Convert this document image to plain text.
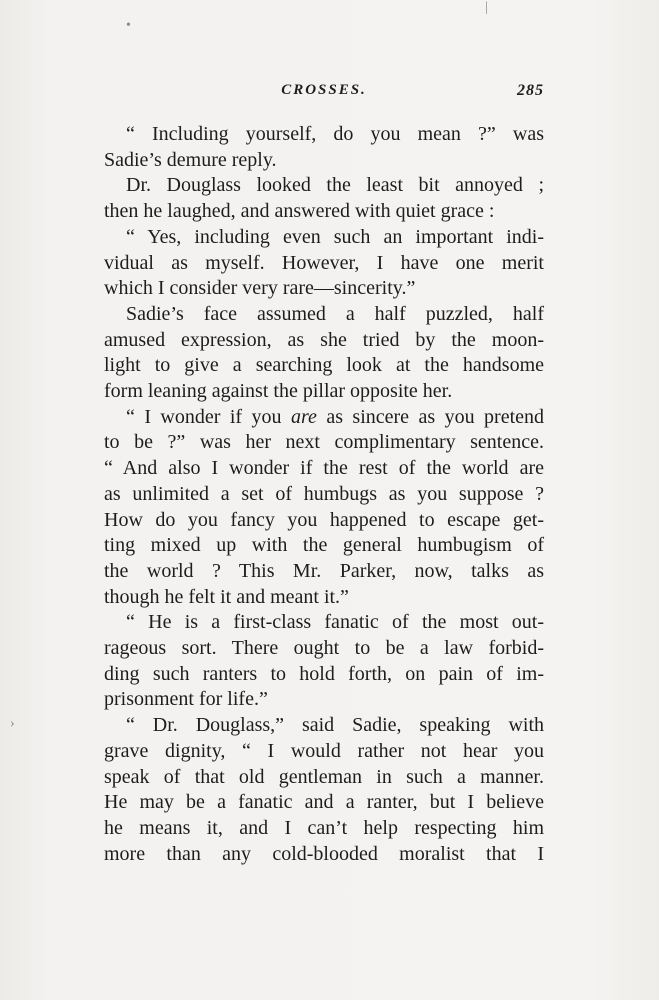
•
|
›
CROSSES.	285
“ Including yourself, do you mean ?” was
Sadie’s demure reply.
Dr. Douglass looked the least bit annoyed ;
then he laughed, and answered with quiet grace :
“ Yes, including even such an important indi-
vidual as myself. However, I have one merit
which I consider very rare—sincerity.”
Sadie’s face assumed a half puzzled, half
amused expression, as she tried by the moon-
light to give a searching look at the handsome
form leaning against the pillar opposite her.
“ I wonder if you are as sincere as you pretend
to be ?” was her next complimentary sentence.
“ And also I wonder if the rest of the world are
as unlimited a set of humbugs as you suppose ?
How do you fancy you happened to escape get-
ting mixed up with the general humbugism of
the world ? This Mr. Parker, now, talks as
though he felt it and meant it.”
“ He is a first-class fanatic of the most out-
rageous sort. There ought to be a law forbid-
ding such ranters to hold forth, on pain of im-
prisonment for life.”
“ Dr. Douglass,” said Sadie, speaking with
grave dignity, “ I would rather not hear you
speak of that old gentleman in such a manner.
He may be a fanatic and a ranter, but I believe
he means it, and I can’t help respecting him
more than any cold-blooded moralist that I
